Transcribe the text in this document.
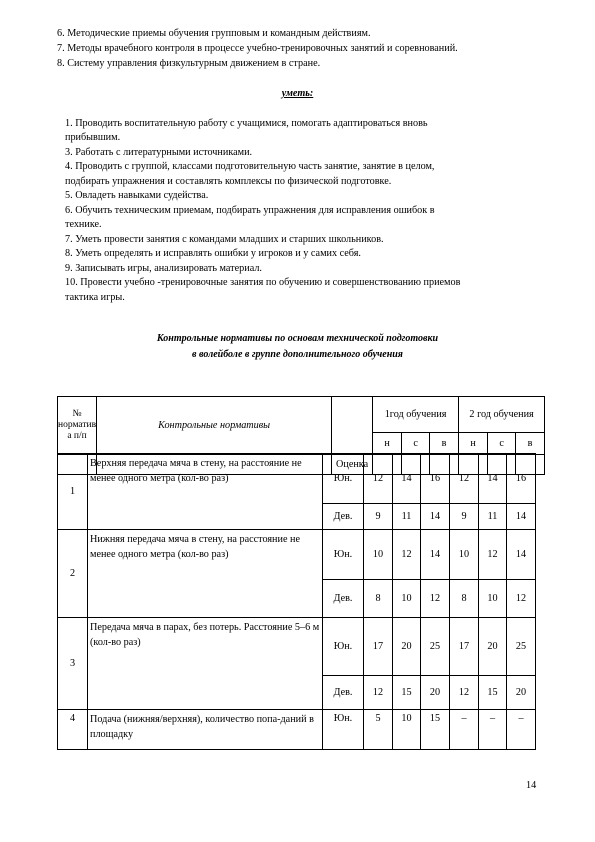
6. Методические приемы обучения групповым и командным действиям.
7. Методы врачебного контроля в процессе учебно-тренировочных занятий и соревнований.
8. Систему управления физкультурным движением в стране.
уметь:
1. Проводить воспитательную работу с учащимися, помогать адаптироваться вновь
прибывшим.
3. Работать с литературными источниками.
4. Проводить с группой, классами подготовительную часть занятие, занятие в целом,
подбирать упражнения и составлять комплексы по физической подготовке.
5. Овладеть навыками судейства.
6. Обучить техническим приемам, подбирать упражнения для исправления ошибок в
технике.
7. Уметь провести занятия с командами младших и старших школьников.
8. Уметь определять и исправлять ошибки у игроков и у самих себя.
9. Записывать игры, анализировать материал.
10. Провести учебно -тренировочные занятия по обучению и совершенствованию приемов
тактика игры.
Контрольные нормативы по основам технической подготовки
в волейболе в группе дополнительного обучения
№ норматив а п/п	Контрольные нормативы		1год обучения			2 год обучения		
			н	с	в	н	с	в
		Оценка						
1	Верхняя передача мяча в стену, на расстояние не менее одного метра (кол-во раз)	Юн.	12	14	16	12	14	16
		Дев.	9	11	14	9	11	14
2	Нижняя передача мяча в стену, на расстояние не менее одного метра (кол-во раз)	Юн.	10	12	14	10	12	14
		Дев.	8	10	12	8	10	12
3	Передача мяча в парах, без потерь. Расстояние 5–6 м (кол-во раз)	Юн.	17	20	25	17	20	25
		Дев.	12	15	20	12	15	20
4	Подача (нижняя/верхняя), количество попа-даний в площадку	Юн.	5	10	15	–	–	–
14
